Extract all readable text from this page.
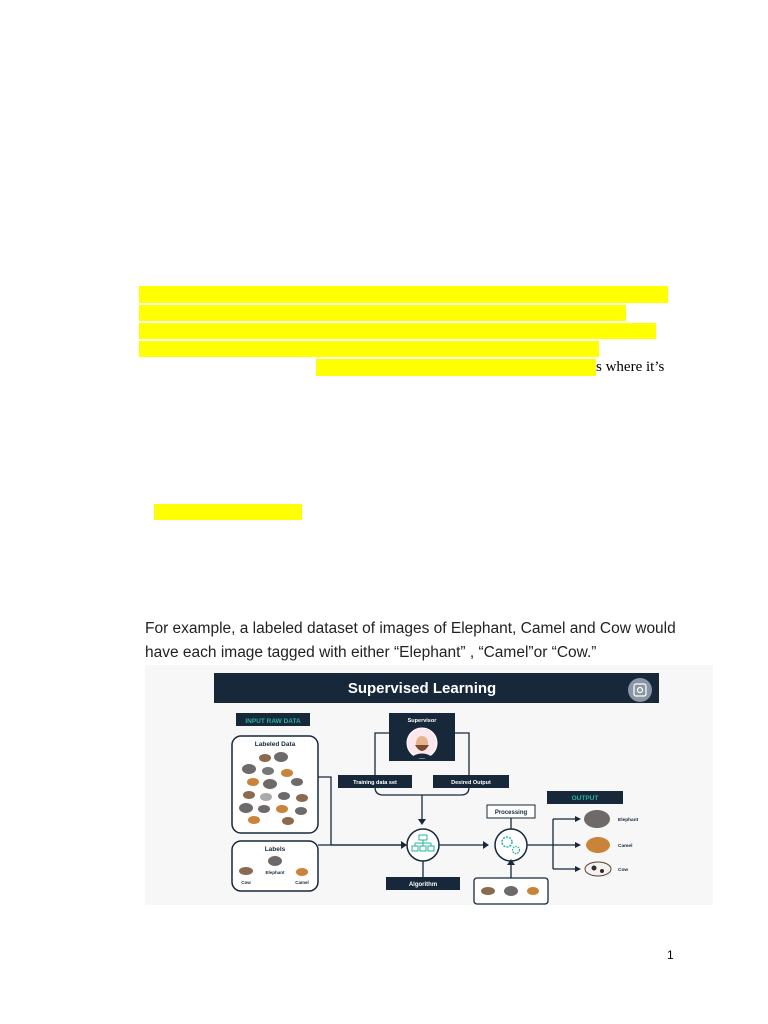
s where it’s
For example, a labeled dataset of images of Elephant, Camel and Cow would
have each image tagged with either “Elephant” , “Camel”or “Cow.”
Supervised Learning
INPUT RAW DATA
Labeled Data
Labels
Elephant
Cow	Camel
Supervisor
Training data set	Desired Output
Algorithm
Processing
OUTPUT
Elephant
Camel
Cow
1
